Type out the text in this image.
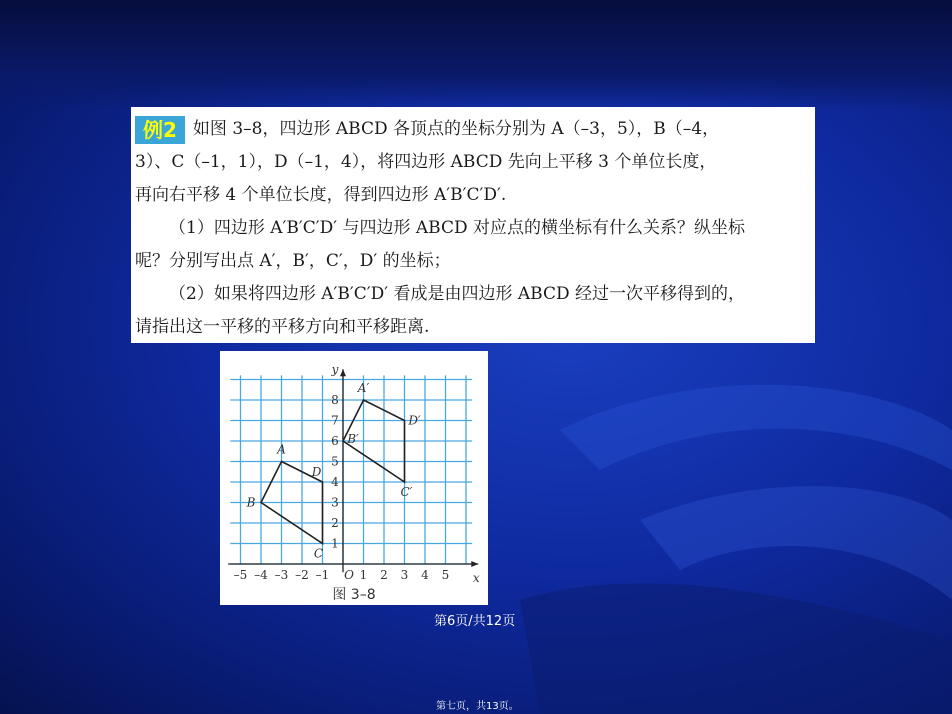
例2 如图 3–8，四边形 ABCD 各顶点的坐标分别为 A（–3，5），B（–4，
3）、C（–1，1），D（–1，4），将四边形 ABCD 先向上平移 3 个单位长度，
再向右平移 4 个单位长度，得到四边形 A′B′C′D′.
（1）四边形 A′B′C′D′ 与四边形 ABCD 对应点的横坐标有什么关系？纵坐标
呢？分别写出点 A′，B′，C′，D′ 的坐标；
（2）如果将四边形 A′B′C′D′ 看成是由四边形 ABCD 经过一次平移得到的，
请指出这一平移的平移方向和平移距离.
x
y
O
–5 –4 –3 –2 –1	1 2 3 4 5
1
2
3
4
5
6
7
8
A
B
C
D
A′
B′
C′
D′
图 3–8
第6页/共12页
第七页，共13页。
